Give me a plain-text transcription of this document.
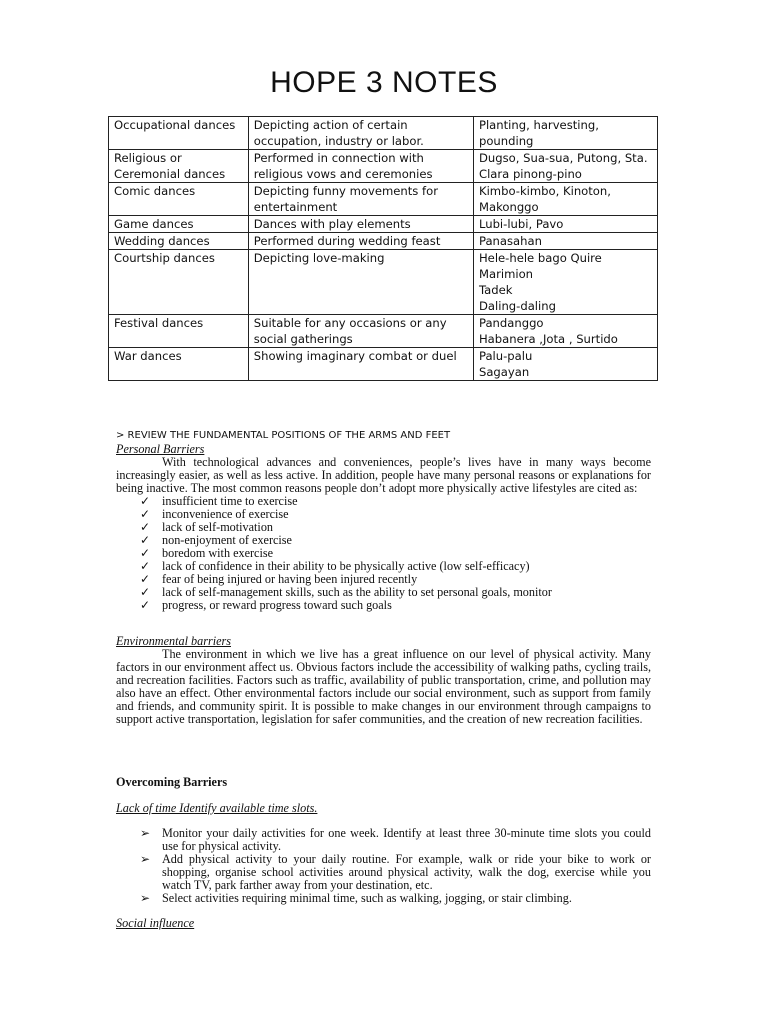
HOPE 3 NOTES
Occupational dances	Depicting action of certain occupation, industry or labor.	Planting, harvesting, pounding
Religious or Ceremonial dances	Performed in connection with religious vows and ceremonies	Dugso, Sua-sua, Putong, Sta. Clara pinong-pino
Comic dances	Depicting funny movements for entertainment	Kimbo-kimbo, Kinoton, Makonggo
Game dances	Dances with play elements	Lubi-lubi, Pavo
Wedding dances	Performed during wedding feast	Panasahan
Courtship dances	Depicting love-making	Hele-hele bago Quire
Marimion
Tadek
Daling-daling
Festival dances	Suitable for any occasions or any social gatherings	Pandanggo
Habanera ,Jota , Surtido
War dances	Showing imaginary combat or duel	Palu-palu
Sagayan
> REVIEW THE FUNDAMENTAL POSITIONS OF THE ARMS AND FEET
Personal Barriers

With technological advances and conveniences, people’s lives have in many ways become increasingly easier, as well as less active. In addition, people have many personal reasons or explanations for being inactive. The most common reasons people don’t adopt more physically active lifestyles are cited as:

✓ insufficient time to exercise
✓ inconvenience of exercise
✓ lack of self-motivation
✓ non-enjoyment of exercise
✓ boredom with exercise
✓ lack of confidence in their ability to be physically active (low self-efficacy)
✓ fear of being injured or having been injured recently
✓ lack of self-management skills, such as the ability to set personal goals, monitor
✓ progress, or reward progress toward such goals
Environmental barriers

The environment in which we live has a great influence on our level of physical activity. Many factors in our environment affect us. Obvious factors include the accessibility of walking paths, cycling trails, and recreation facilities. Factors such as traffic, availability of public transportation, crime, and pollution may also have an effect. Other environmental factors include our social environment, such as support from family and friends, and community spirit. It is possible to make changes in our environment through campaigns to support active transportation, legislation for safer communities, and the creation of new recreation facilities.

Overcoming Barriers
Lack of time Identify available time slots.
➢ Monitor your daily activities for one week. Identify at least three 30-minute time slots you could use for physical activity.
➢ Add physical activity to your daily routine. For example, walk or ride your bike to work or shopping, organise school activities around physical activity, walk the dog, exercise while you watch TV, park farther away from your destination, etc.
➢ Select activities requiring minimal time, such as walking, jogging, or stair climbing.
Social influence
